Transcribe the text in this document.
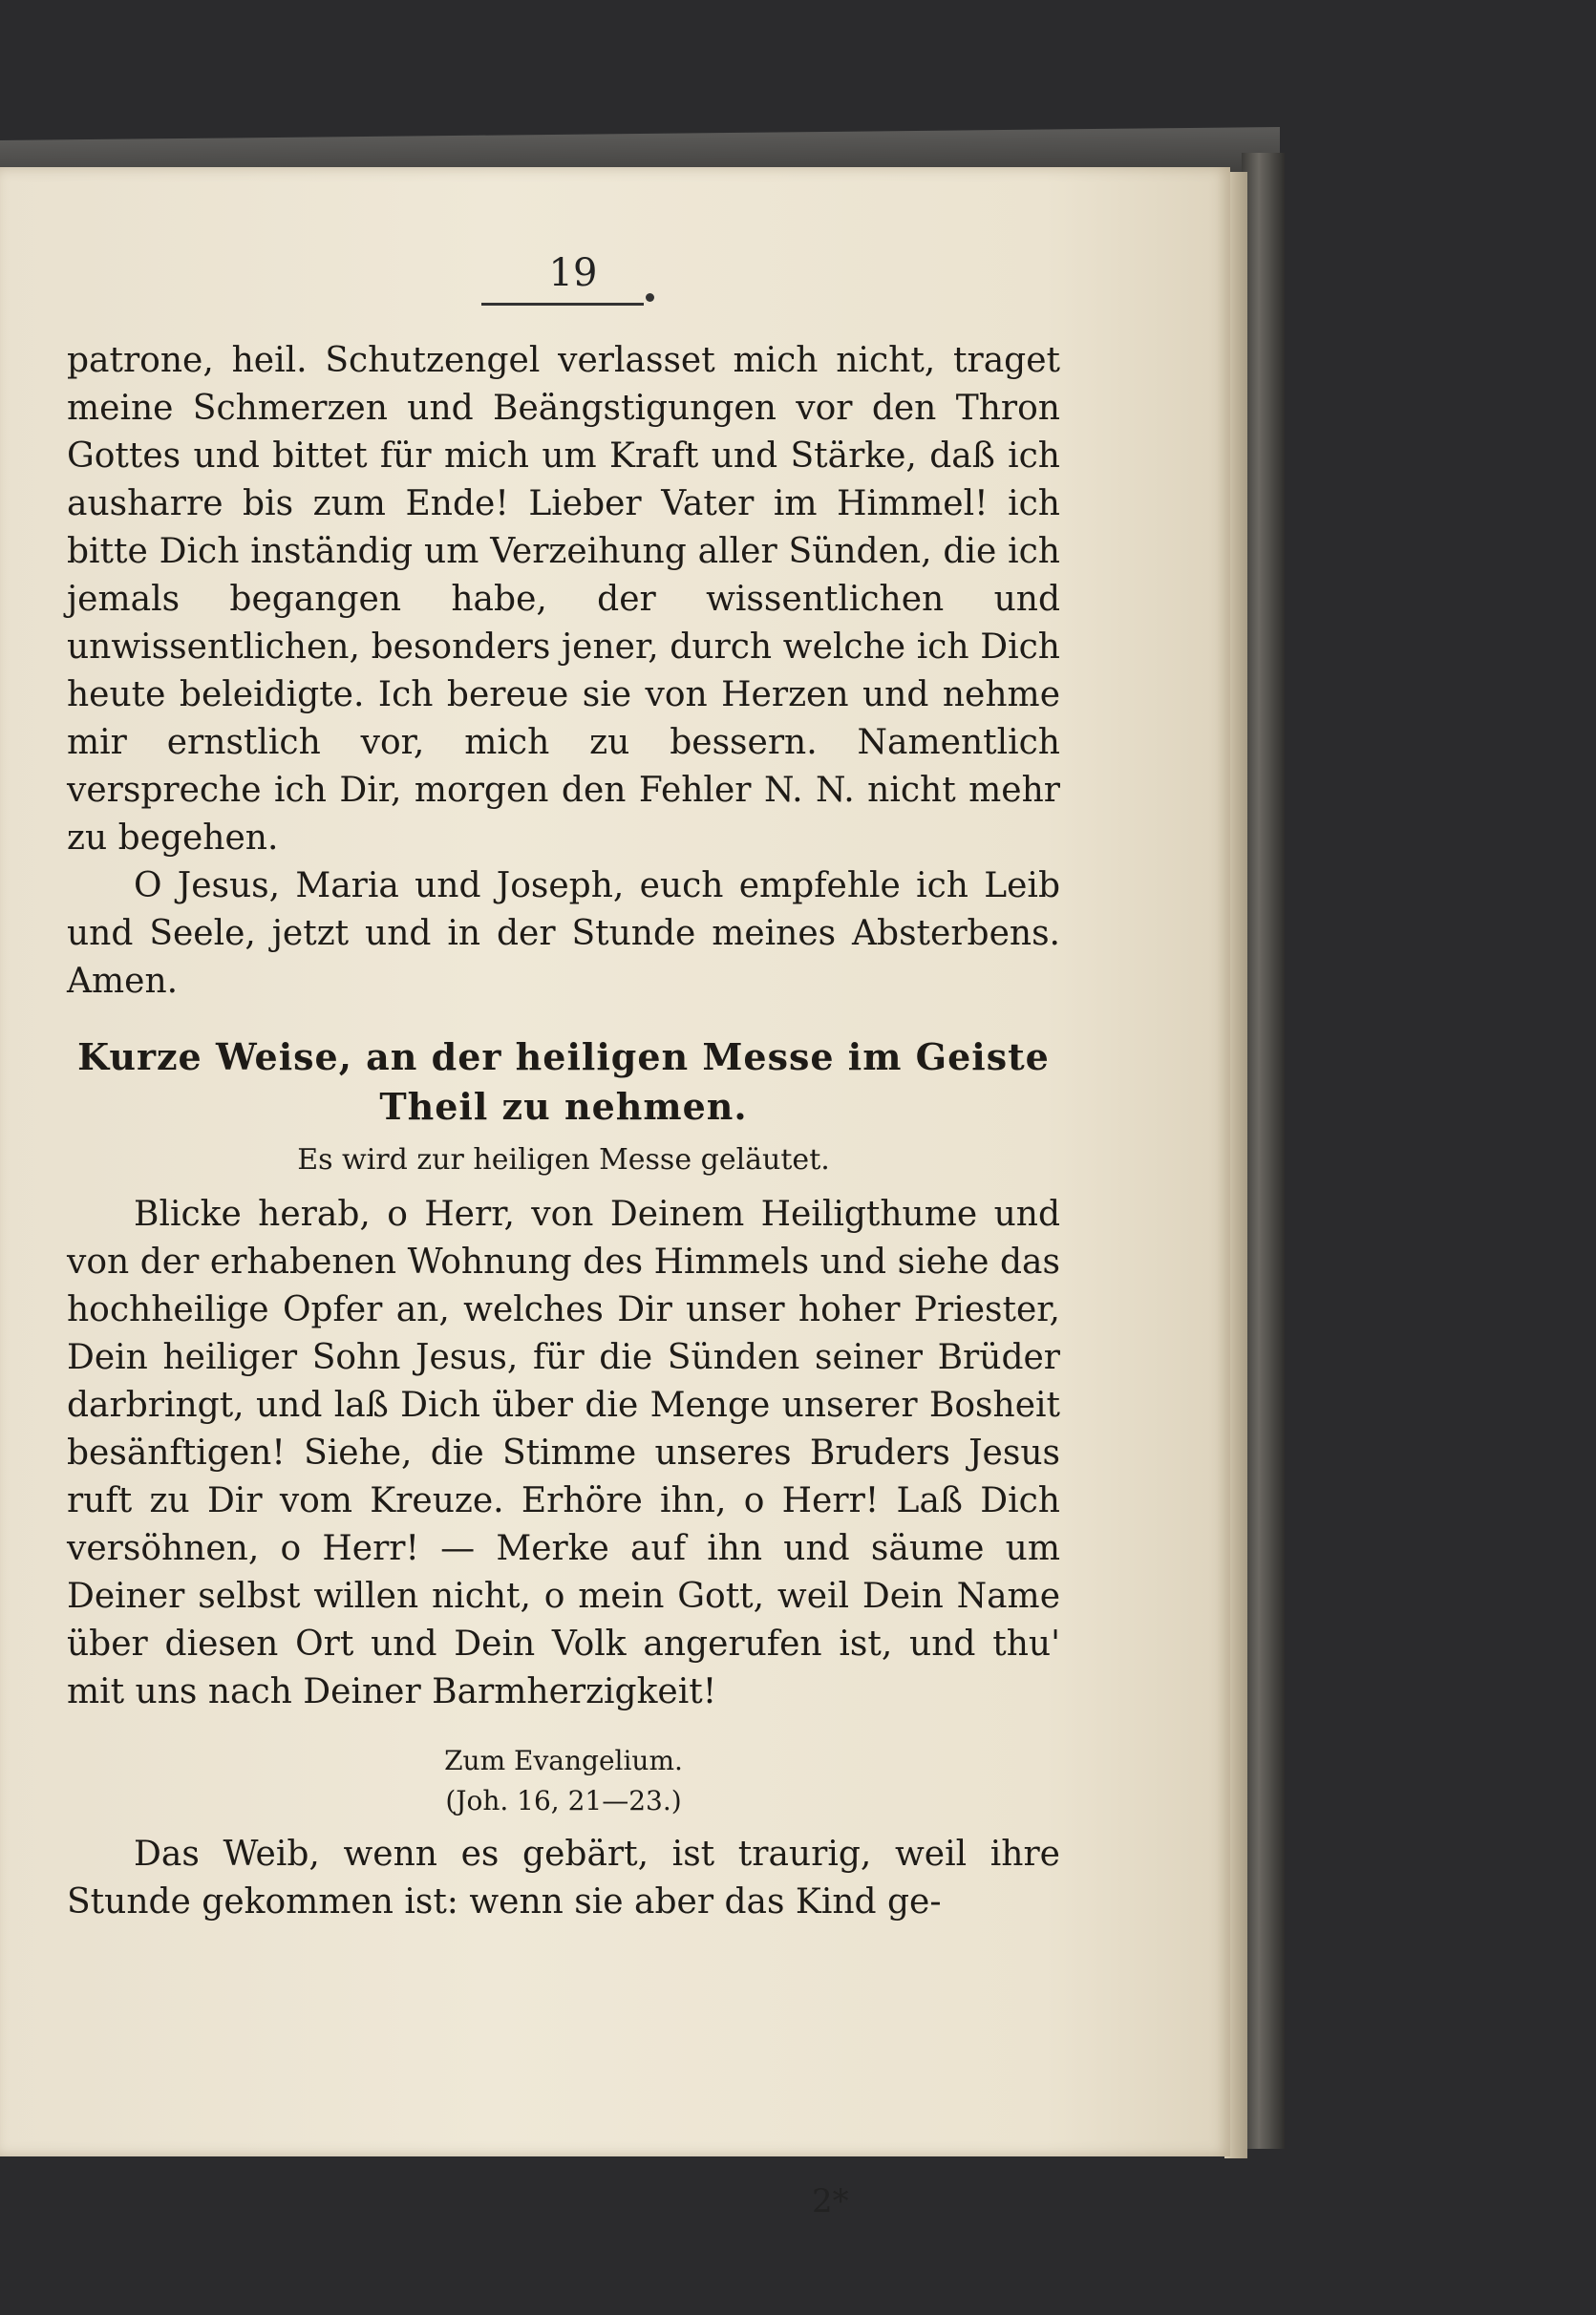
19

patrone, heil. Schutzengel verlasset mich nicht, traget meine Schmerzen und Beängstigungen vor den Thron Gottes und bittet für mich um Kraft und Stärke, daß ich ausharre bis zum Ende! Lieber Vater im Himmel! ich bitte Dich inständig um Verzeihung aller Sünden, die ich jemals begangen habe, der wissentlichen und unwissentlichen, besonders jener, durch welche ich Dich heute beleidigte. Ich bereue sie von Herzen und nehme mir ernstlich vor, mich zu bessern. Namentlich verspreche ich Dir, morgen den Fehler N. N. nicht mehr zu begehen.

O Jesus, Maria und Joseph, euch empfehle ich Leib und Seele, jetzt und in der Stunde meines Absterbens. Amen.

Kurze Weise, an der heiligen Messe im Geiste Theil zu nehmen.
Es wird zur heiligen Messe geläutet.

Blicke herab, o Herr, von Deinem Heiligthume und von der erhabenen Wohnung des Himmels und siehe das hochheilige Opfer an, welches Dir unser hoher Priester, Dein heiliger Sohn Jesus, für die Sünden seiner Brüder darbringt, und laß Dich über die Menge unserer Bosheit besänftigen! Siehe, die Stimme unseres Bruders Jesus ruft zu Dir vom Kreuze. Erhöre ihn, o Herr! Laß Dich versöhnen, o Herr! — Merke auf ihn und säume um Deiner selbst willen nicht, o mein Gott, weil Dein Name über diesen Ort und Dein Volk angerufen ist, und thu' mit uns nach Deiner Barmherzigkeit!

Zum Evangelium.
(Joh. 16, 21—23.)

Das Weib, wenn es gebärt, ist traurig, weil ihre Stunde gekommen ist: wenn sie aber das Kind ge-

2*
